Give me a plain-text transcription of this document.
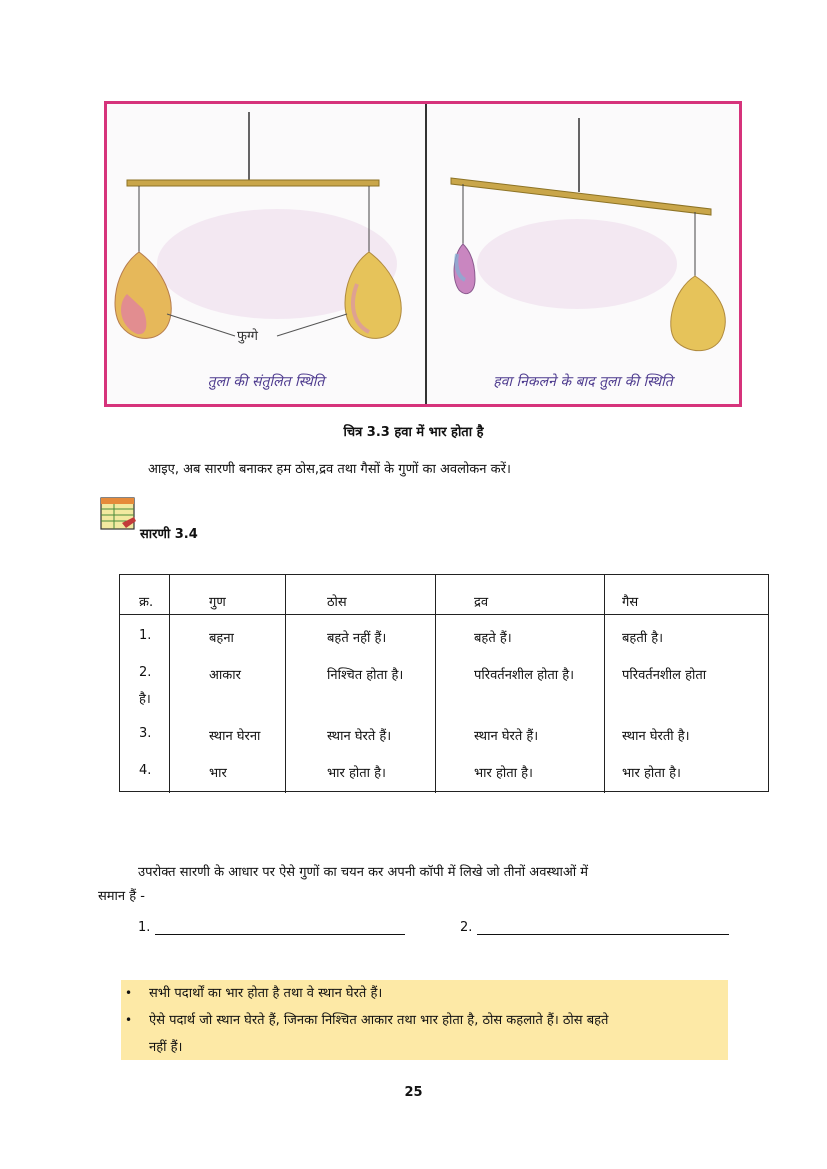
फुग्गे
तुला की संतुलित स्थिति	हवा निकलने के बाद तुला की स्थिति
चित्र 3.3 हवा में भार होता है
आइए, अब सारणी बनाकर हम ठोस,द्रव तथा गैसों के गुणों का अवलोकन करें।
सारणी 3.4
क्र.	गुण	ठोस	द्रव	गैस
1.	बहना	बहते नहीं हैं।	बहते हैं।	बहती है।
2.	आकार	निश्चित होता है।	परिवर्तनशील होता है।	परिवर्तनशील होता
है।
3.	स्थान घेरना	स्थान घेरते हैं।	स्थान घेरते हैं।	स्थान घेरती है।
4.	भार	भार होता है।	भार होता है।	भार होता है।
उपरोक्त सारणी के आधार पर ऐसे गुणों का चयन कर अपनी कॉपी में लिखे जो तीनों अवस्थाओं में
समान हैं -
1.	2.
• सभी पदार्थों का भार होता है तथा वे स्थान घेरते हैं।
• ऐसे पदार्थ जो स्थान घेरते हैं, जिनका निश्चित आकार तथा भार होता है, ठोस कहलाते हैं। ठोस बहते
नहीं हैं।
25
